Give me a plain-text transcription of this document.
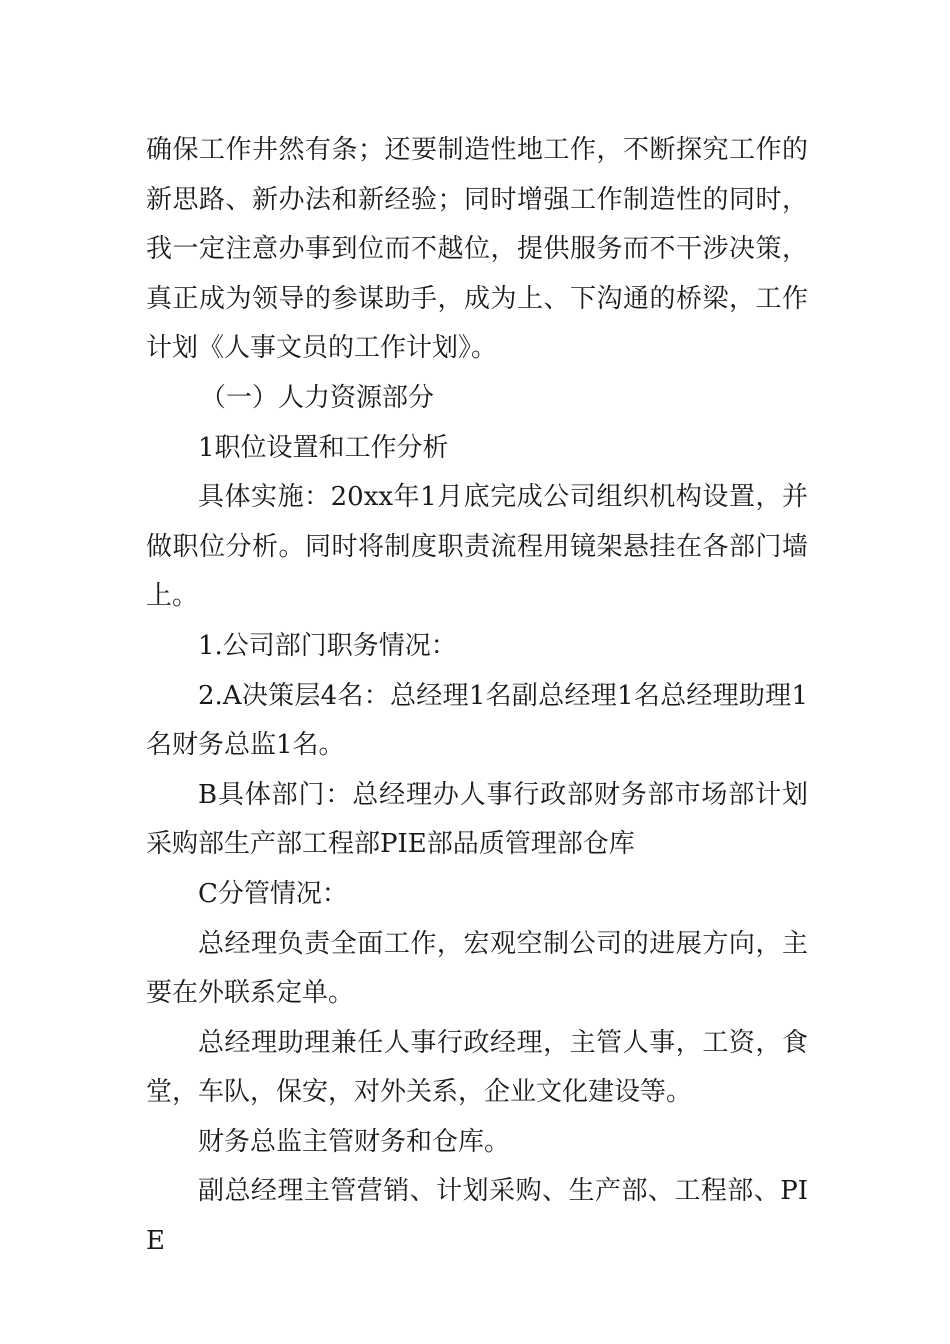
确保工作井然有条；还要制造性地工作，不断探究工作的新思路、新办法和新经验；同时增强工作制造性的同时，我一定注意办事到位而不越位，提供服务而不干涉决策，真正成为领导的参谋助手，成为上、下沟通的桥梁，工作计划《人事文员的工作计划》。

（一）人力资源部分

1职位设置和工作分析

具体实施：20xx年1月底完成公司组织机构设置，并做职位分析。同时将制度职责流程用镜架悬挂在各部门墙上。

1.公司部门职务情况：

2.A决策层4名：总经理1名副总经理1名总经理助理1名财务总监1名。

B具体部门：总经理办人事行政部财务部市场部计划采购部生产部工程部PIE部品质管理部仓库

C分管情况：

总经理负责全面工作，宏观空制公司的进展方向，主要在外联系定单。

总经理助理兼任人事行政经理，主管人事，工资，食堂，车队，保安，对外关系，企业文化建设等。

财务总监主管财务和仓库。

副总经理主管营销、计划采购、生产部、工程部、PIE
